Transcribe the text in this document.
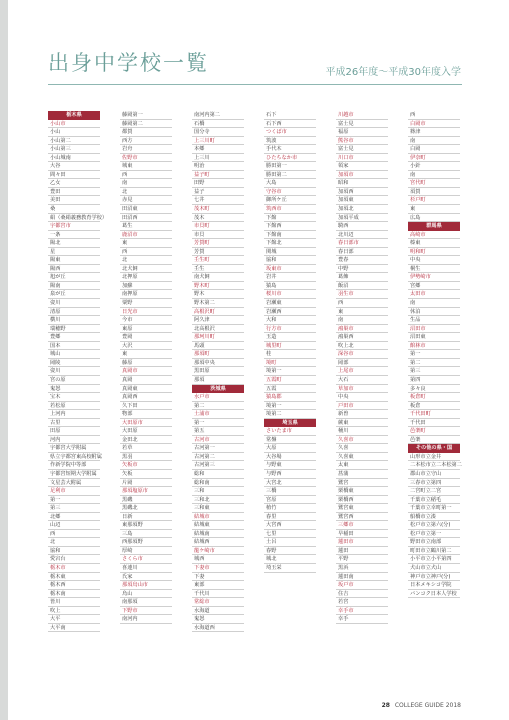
出身中学校一覧	平成26年度～平成30年度入学
栃木県
小山市
小山
小山第二
小山第三
小山城南
大谷
間々田
乙女
豊田
美田
桑
絹（桑絹義務教育学校）
宇都宮市
一条
陽北
星
陽東
陽西
旭が丘
陽南
泉が丘
姿川
清原
横川
瑞穂野
豊郷
国本
城山
岡陵
姿川
宮の原
鬼怒
宝木
若松原
上河内
古里
田原
河内
宇都宮大学附属
県立宇都宮東高校附属
作新学院中等部
宇都宮短期大学附属
文星芸大附属
足利市
第一
第三
北郷
山辺
西
北
協和
愛宕台
栃木市
栃木東
栃木西
栃木南
皆川
吹上
大平
大平南
藤岡第一
藤岡第二
都賀
西方
岩舟
佐野市
城東
西
南
北
赤見
田沼東
田沼西
葛生
鹿沼市
東
西
北
北犬飼
北押原
加蘇
南押原
粟野
日光市
今市
東原
豊岡
大沢
東
藤原
真岡市
真岡
真岡東
真岡西
久下田
物部
大田原市
大田原
金田北
若草
黒羽
矢板市
矢板
片岡
那須塩原市
黒磯
黒磯北
日新
東那須野
三島
西那須野
厚崎
さくら市
喜連川
氏家
那須烏山市
烏山
南那須
下野市
南河内
南河内第二
石橋
国分寺
上三川町
本郷
上三川
明治
益子町
田野
益子
七井
茂木町
茂木
市貝町
市貝
芳賀町
芳賀
壬生町
壬生
南犬飼
野木町
野木
野木第二
高根沢町
阿久津
北高根沢
那珂川町
馬頭
那須町
那須中央
黒田原
那須
茨城県
水戸市
第二
土浦市
第一
第五
古河市
古河第一
古河第二
古河第三
総和
総和南
三和
三和北
三和東
結城市
結城東
結城南
結城西
龍ケ崎市
城西
下妻市
下妻
東部
千代川
常総市
水海道
鬼怒
水海道西
石下
石下西
つくば市
筑波
手代木
ひたちなか市
勝田第一
勝田第二
大島
守谷市
御所ケ丘
筑西市
下館
下館西
下館南
下館北
関城
協和
坂東市
岩井
猿島
桜川市
岩瀬東
岩瀬西
大和
行方市
玉造
城里町
桂
境町
境第一
五霞町
五霞
猿島郡
境第一
境第二
埼玉県
さいたま市
常盤
大原
大谷場
与野東
与野西
大宮北
三橋
宮原
植竹
春里
大宮西
七里
土呂
春野
城北
埼玉栄
川越市
富士見
福原
熊谷市
富士見
川口市
領家
加須市
昭和
加須西
加須東
加須北
加須平成
騎西
北川辺
春日部市
春日部
豊春
中野
葛飾
飯沼
羽生市
西
東
南
鴻巣市
鴻巣西
吹上北
深谷市
岡部
上尾市
大石
草加市
中央
戸田市
新曽
蕨東
桶川
久喜市
久喜
久喜東
太東
菖蒲
鷲宮
栗橋東
栗橋西
鷲宮東
鷲宮西
三郷市
早稲田
蓮田市
蓮田
平野
黒浜
蓮田南
坂戸市
住吉
若宮
幸手市
幸手
西
白岡市
篠津
南
白岡
伊奈町
小針
南
宮代町
須賀
杉戸町
東
広島
群馬県
高崎市
榛東
明和町
中央
桐生
伊勢崎市
宮郷
太田市
南
休泊
生品
沼田市
沼田東
館林市
第一
第二
第三
第四
多々良
板倉町
板倉
千代田町
千代田
邑楽町
邑楽
その他の県・国
山形市立金井
二本松市立二本松第二
郡山市立守山
三春市立第四
二宮町立二宮
千葉市立稲毛
千葉市立幸町第一
船橋市立湊
松戸市立第六(分)
松戸市立第一
野田市立南部
町田市立鶴川第二
小平市立小平第四
犬山市立犬山
神戸市立神戸(分)
日本メキシコ学院
バンコク日本人学校
28 COLLEGE GUIDE 2018
